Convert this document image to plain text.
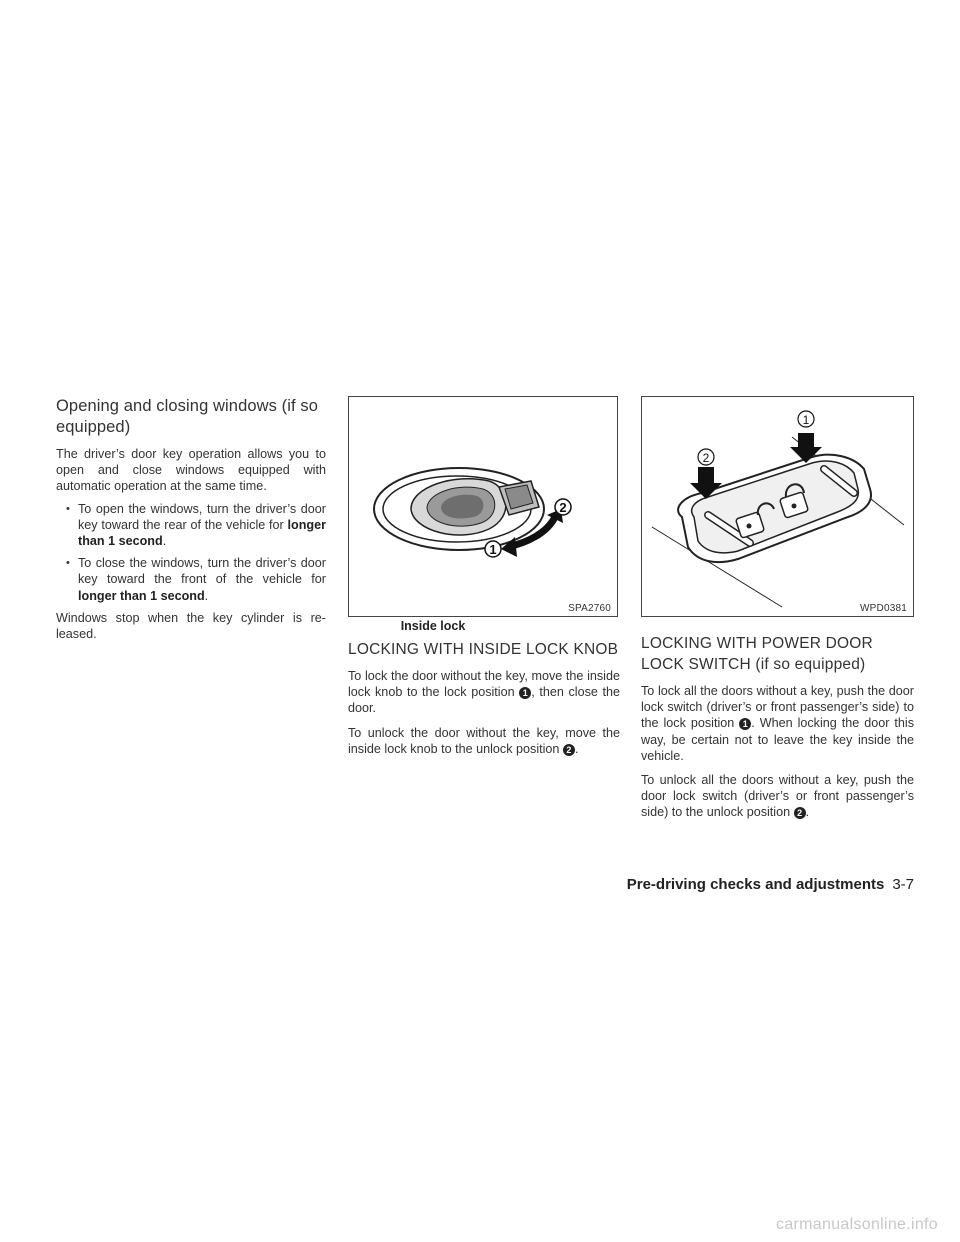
Opening and closing windows (if so equipped)

The driver’s door key operation allows you to open and close windows equipped with automatic operation at the same time.

• To open the windows, turn the driver’s door key toward the rear of the vehicle for longer than 1 second.
• To close the windows, turn the driver’s door key toward the front of the vehicle for longer than 1 second.

Windows stop when the key cylinder is released.

1
2
SPA2760
Inside lock
LOCKING WITH INSIDE LOCK KNOB

To lock the door without the key, move the inside lock knob to the lock position 1 , then close the door.

To unlock the door without the key, move the inside lock knob to the unlock position 2 .

1
2
WPD0381
LOCKING WITH POWER DOOR LOCK SWITCH (if so equipped)

To lock all the doors without a key, push the door lock switch (driver’s or front passenger’s side) to the lock position 1 . When locking the door this way, be certain not to leave the key inside the vehicle.

To unlock all the doors without a key, push the door lock switch (driver’s or front passenger’s side) to the unlock position 2 .

Pre-driving checks and adjustments 3-7
carmanualsonline.info
